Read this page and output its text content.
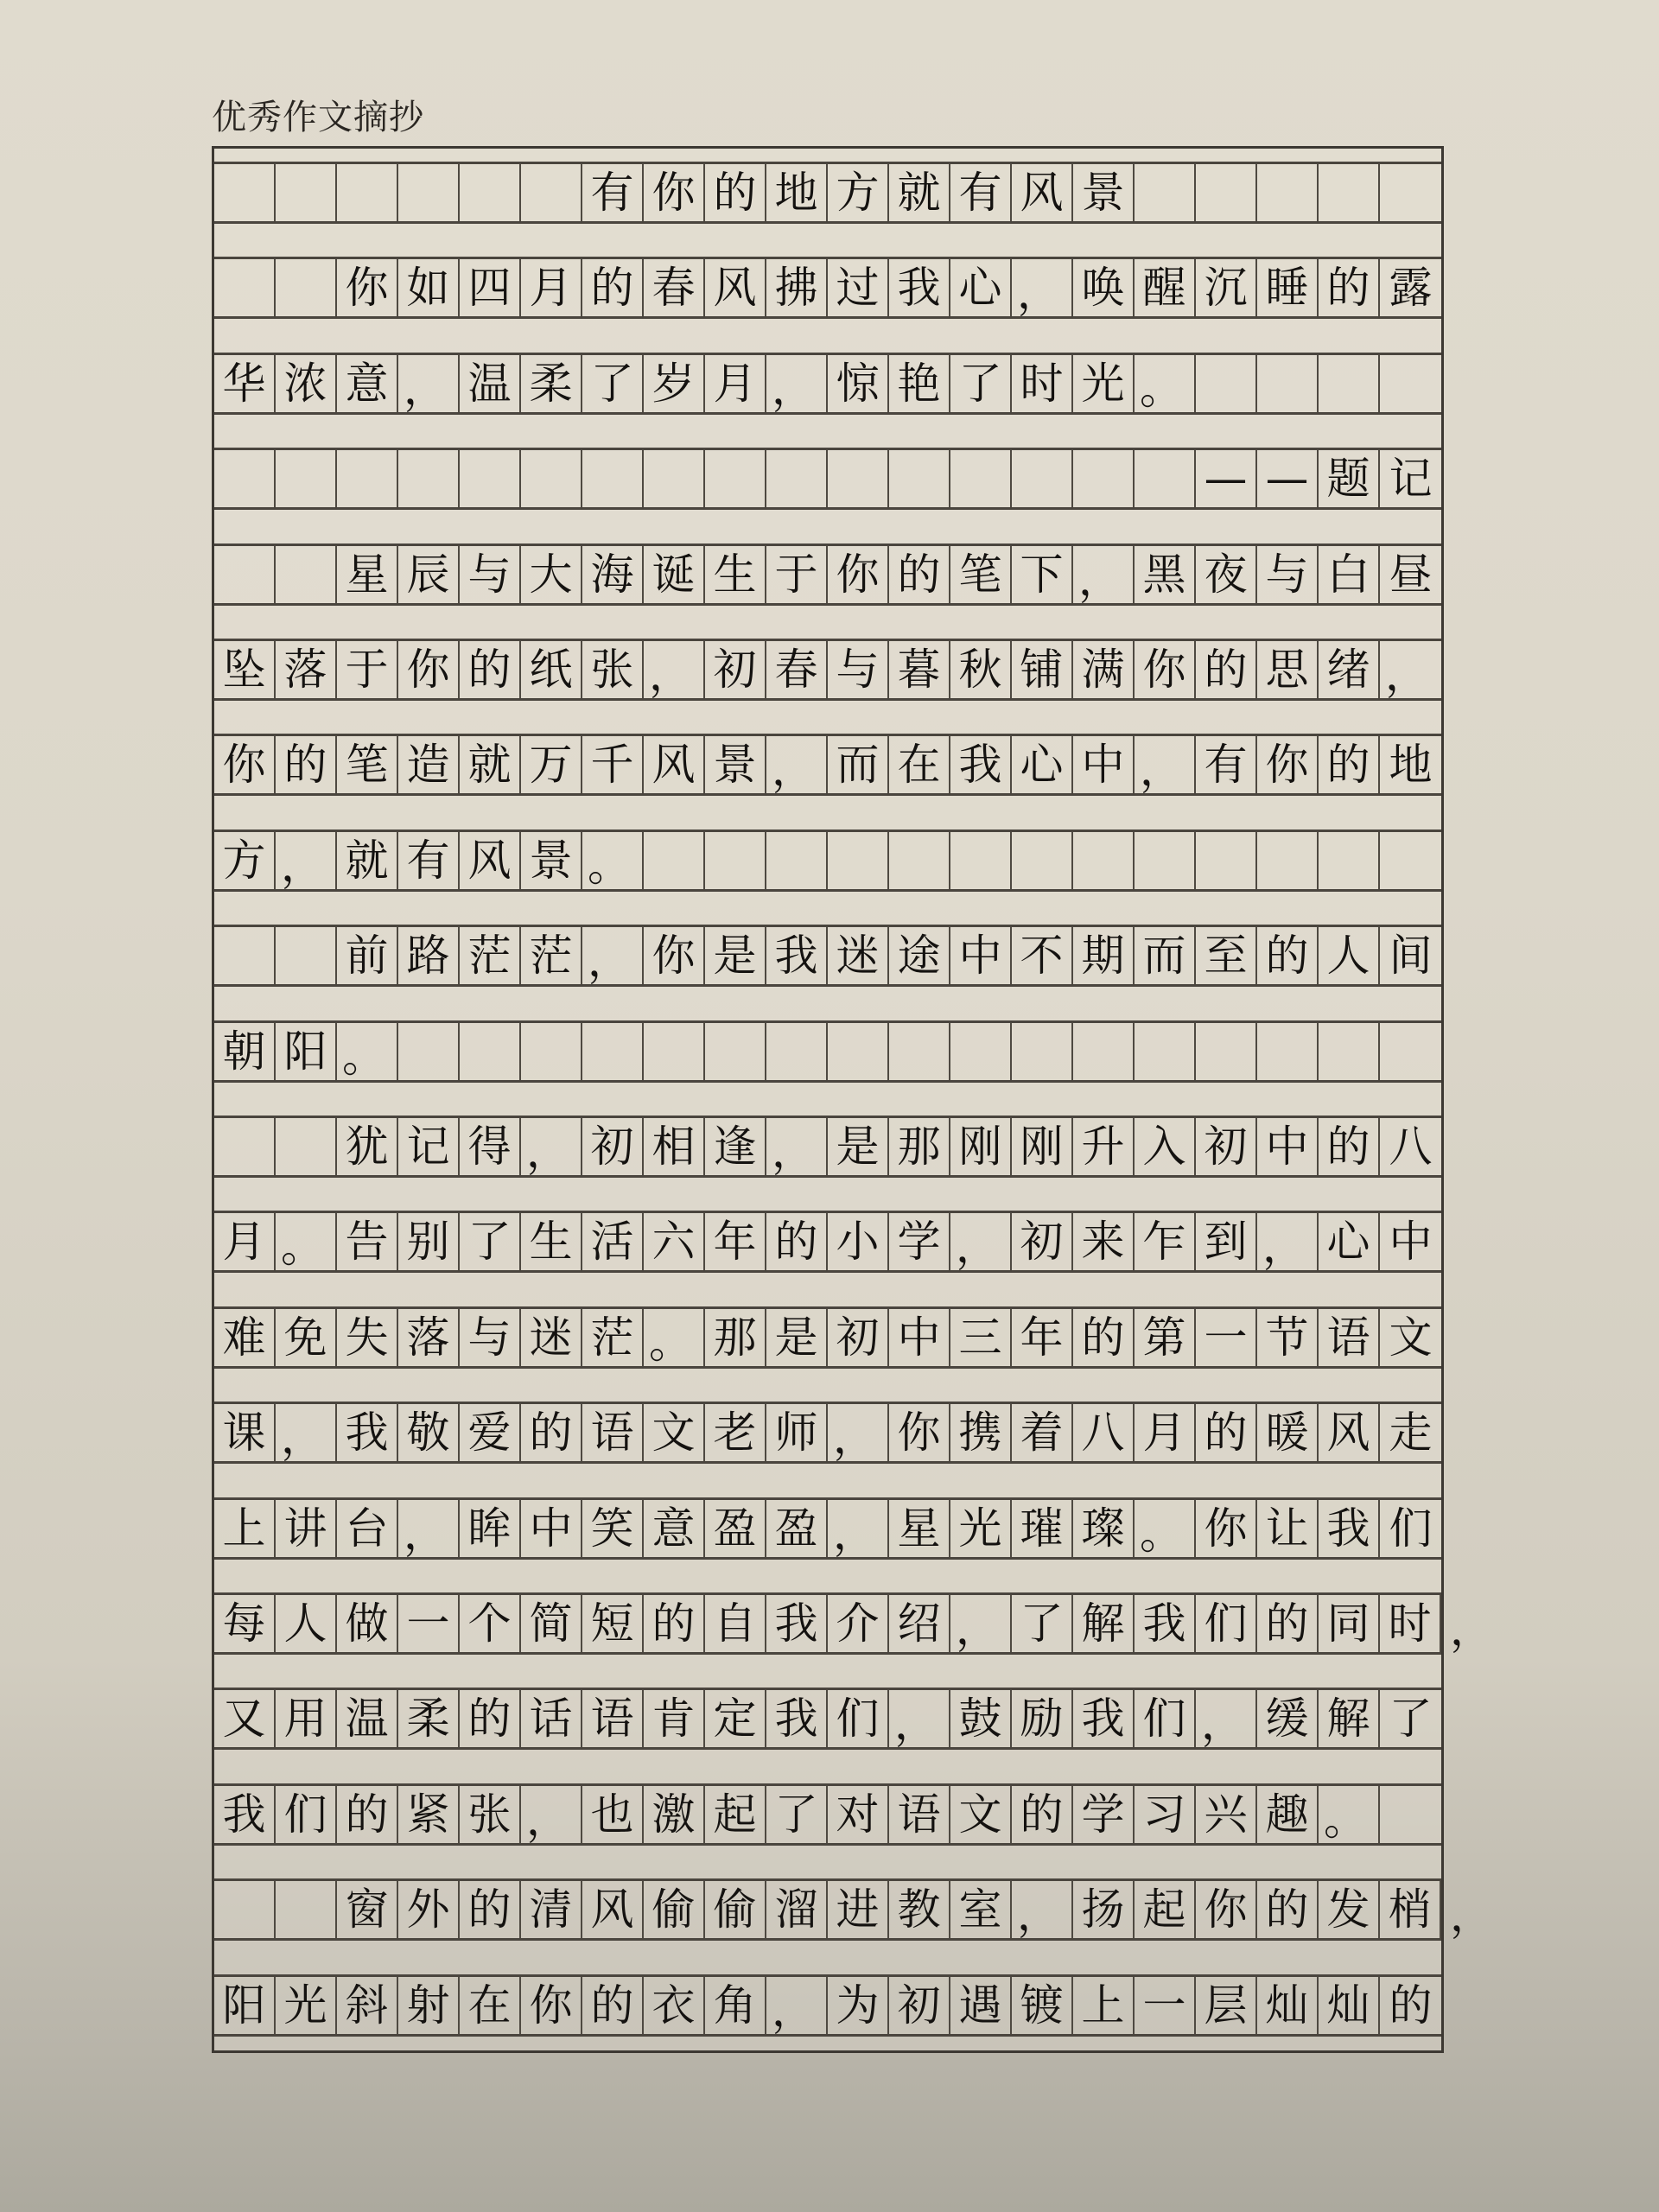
优秀作文摘抄
有 你 的 地 方 就 有 风 景
你 如 四 月 的 春 风 拂 过 我 心 ， 唤 醒 沉 睡 的 露
华 浓 意 ， 温 柔 了 岁 月 ， 惊 艳 了 时 光 。
— — 题 记
星 辰 与 大 海 诞 生 于 你 的 笔 下 ， 黑 夜 与 白 昼
坠 落 于 你 的 纸 张 ， 初 春 与 暮 秋 铺 满 你 的 思 绪 ，
你 的 笔 造 就 万 千 风 景 ， 而 在 我 心 中 ， 有 你 的 地
方 ， 就 有 风 景 。
前 路 茫 茫 ， 你 是 我 迷 途 中 不 期 而 至 的 人 间
朝 阳 。
犹 记 得 ， 初 相 逢 ， 是 那 刚 刚 升 入 初 中 的 八
月 。 告 别 了 生 活 六 年 的 小 学 ， 初 来 乍 到 ， 心 中
难 免 失 落 与 迷 茫 。 那 是 初 中 三 年 的 第 一 节 语 文
课 ， 我 敬 爱 的 语 文 老 师 ， 你 携 着 八 月 的 暖 风 走
上 讲 台 ， 眸 中 笑 意 盈 盈 ， 星 光 璀 璨 。 你 让 我 们
每 人 做 一 个 简 短 的 自 我 介 绍 ， 了 解 我 们 的 同 时 ，
又 用 温 柔 的 话 语 肯 定 我 们 ， 鼓 励 我 们 ， 缓 解 了
我 们 的 紧 张 ， 也 激 起 了 对 语 文 的 学 习 兴 趣 。
窗 外 的 清 风 偷 偷 溜 进 教 室 ， 扬 起 你 的 发 梢 ，
阳 光 斜 射 在 你 的 衣 角 ， 为 初 遇 镀 上 一 层 灿 灿 的
